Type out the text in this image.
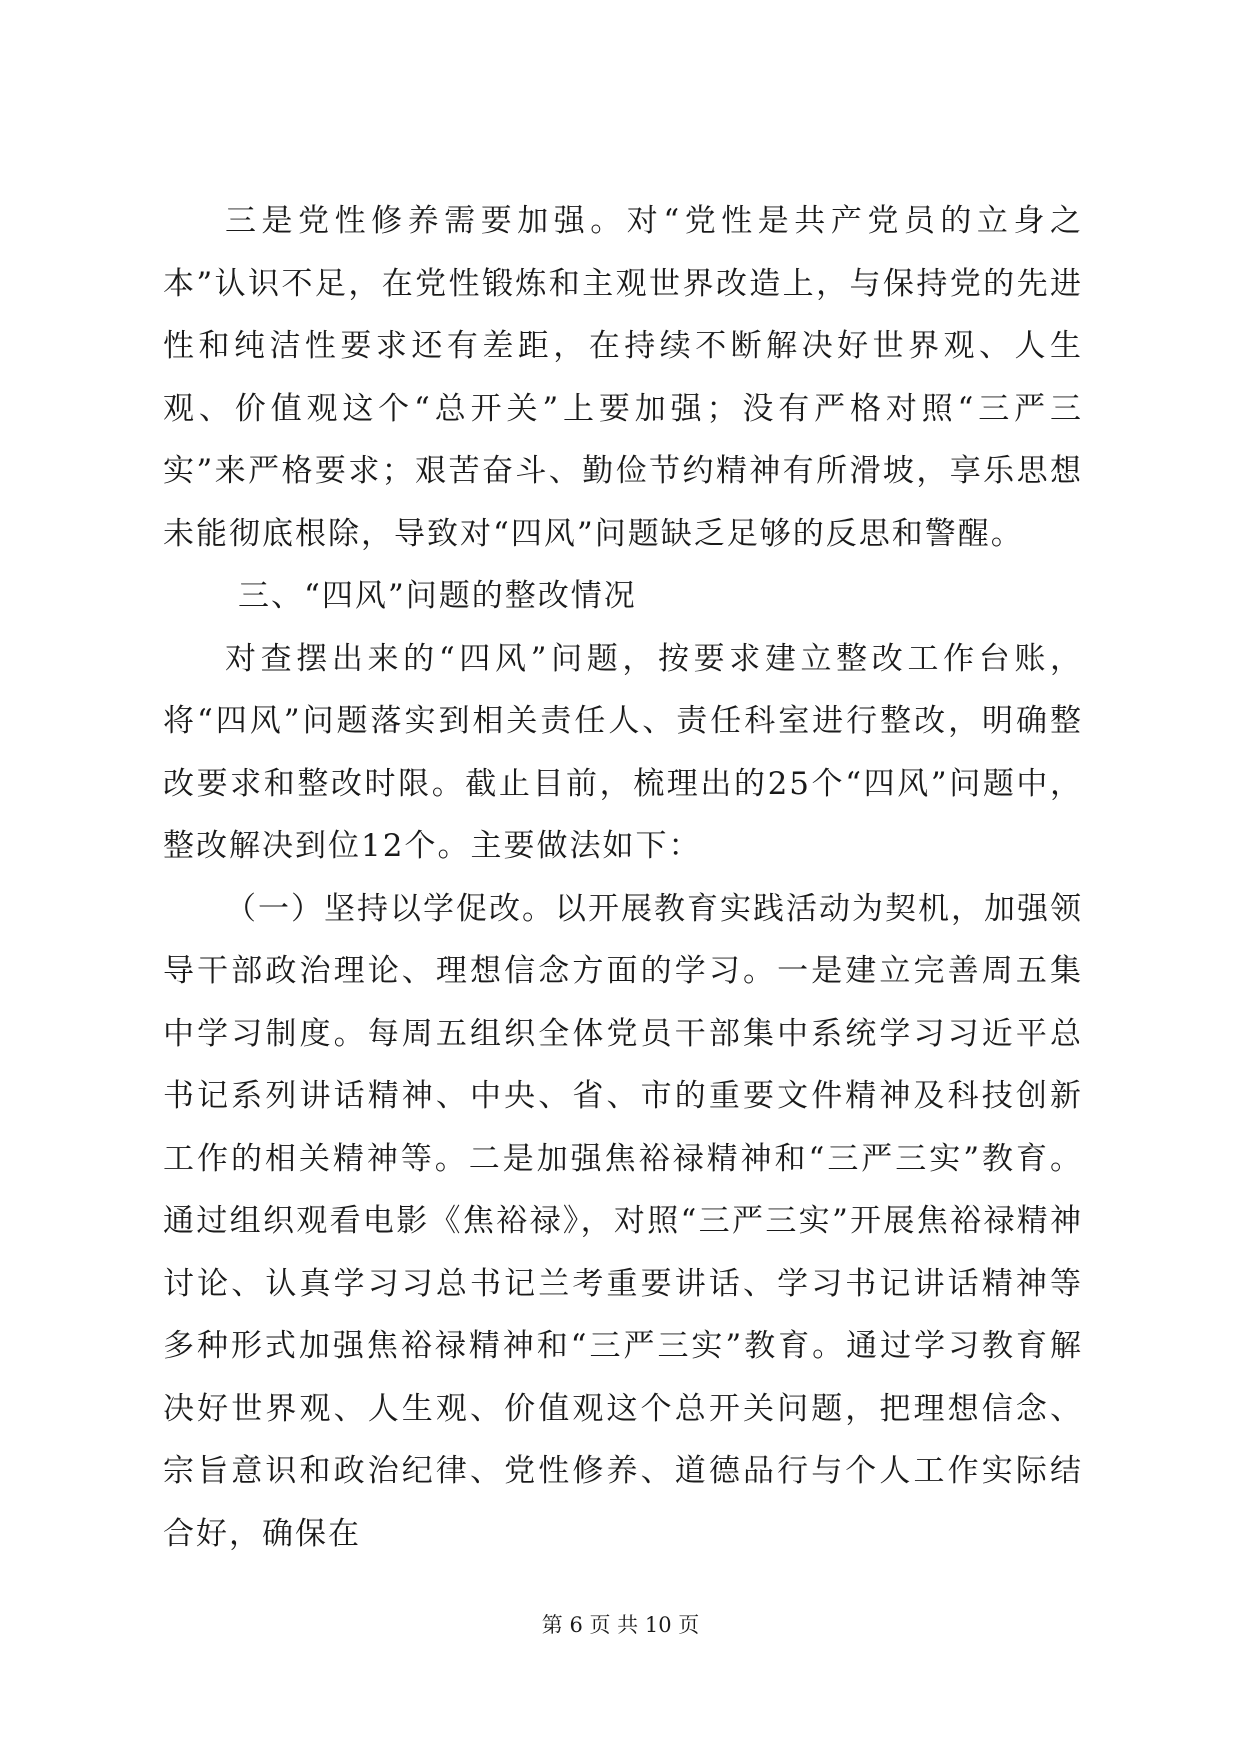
三是党性修养需要加强。对“党性是共产党员的立身之本”认识不足，在党性锻炼和主观世界改造上，与保持党的先进性和纯洁性要求还有差距，在持续不断解决好世界观、人生观、价值观这个“总开关”上要加强；没有严格对照“三严三实”来严格要求；艰苦奋斗、勤俭节约精神有所滑坡，享乐思想未能彻底根除，导致对“四风”问题缺乏足够的反思和警醒。

三、“四风”问题的整改情况

对查摆出来的“四风”问题，按要求建立整改工作台账，将“四风”问题落实到相关责任人、责任科室进行整改，明确整改要求和整改时限。截止目前，梳理出的25个“四风”问题中，整改解决到位12个。主要做法如下：

（一）坚持以学促改。以开展教育实践活动为契机，加强领导干部政治理论、理想信念方面的学习。一是建立完善周五集中学习制度。每周五组织全体党员干部集中系统学习习近平总书记系列讲话精神、中央、省、市的重要文件精神及科技创新工作的相关精神等。二是加强焦裕禄精神和“三严三实”教育。通过组织观看电影《焦裕禄》，对照“三严三实”开展焦裕禄精神讨论、认真学习习总书记兰考重要讲话、学习书记讲话精神等多种形式加强焦裕禄精神和“三严三实”教育。通过学习教育解决好世界观、人生观、价值观这个总开关问题，把理想信念、宗旨意识和政治纪律、党性修养、道德品行与个人工作实际结合好，确保在

第 6 页 共 10 页
